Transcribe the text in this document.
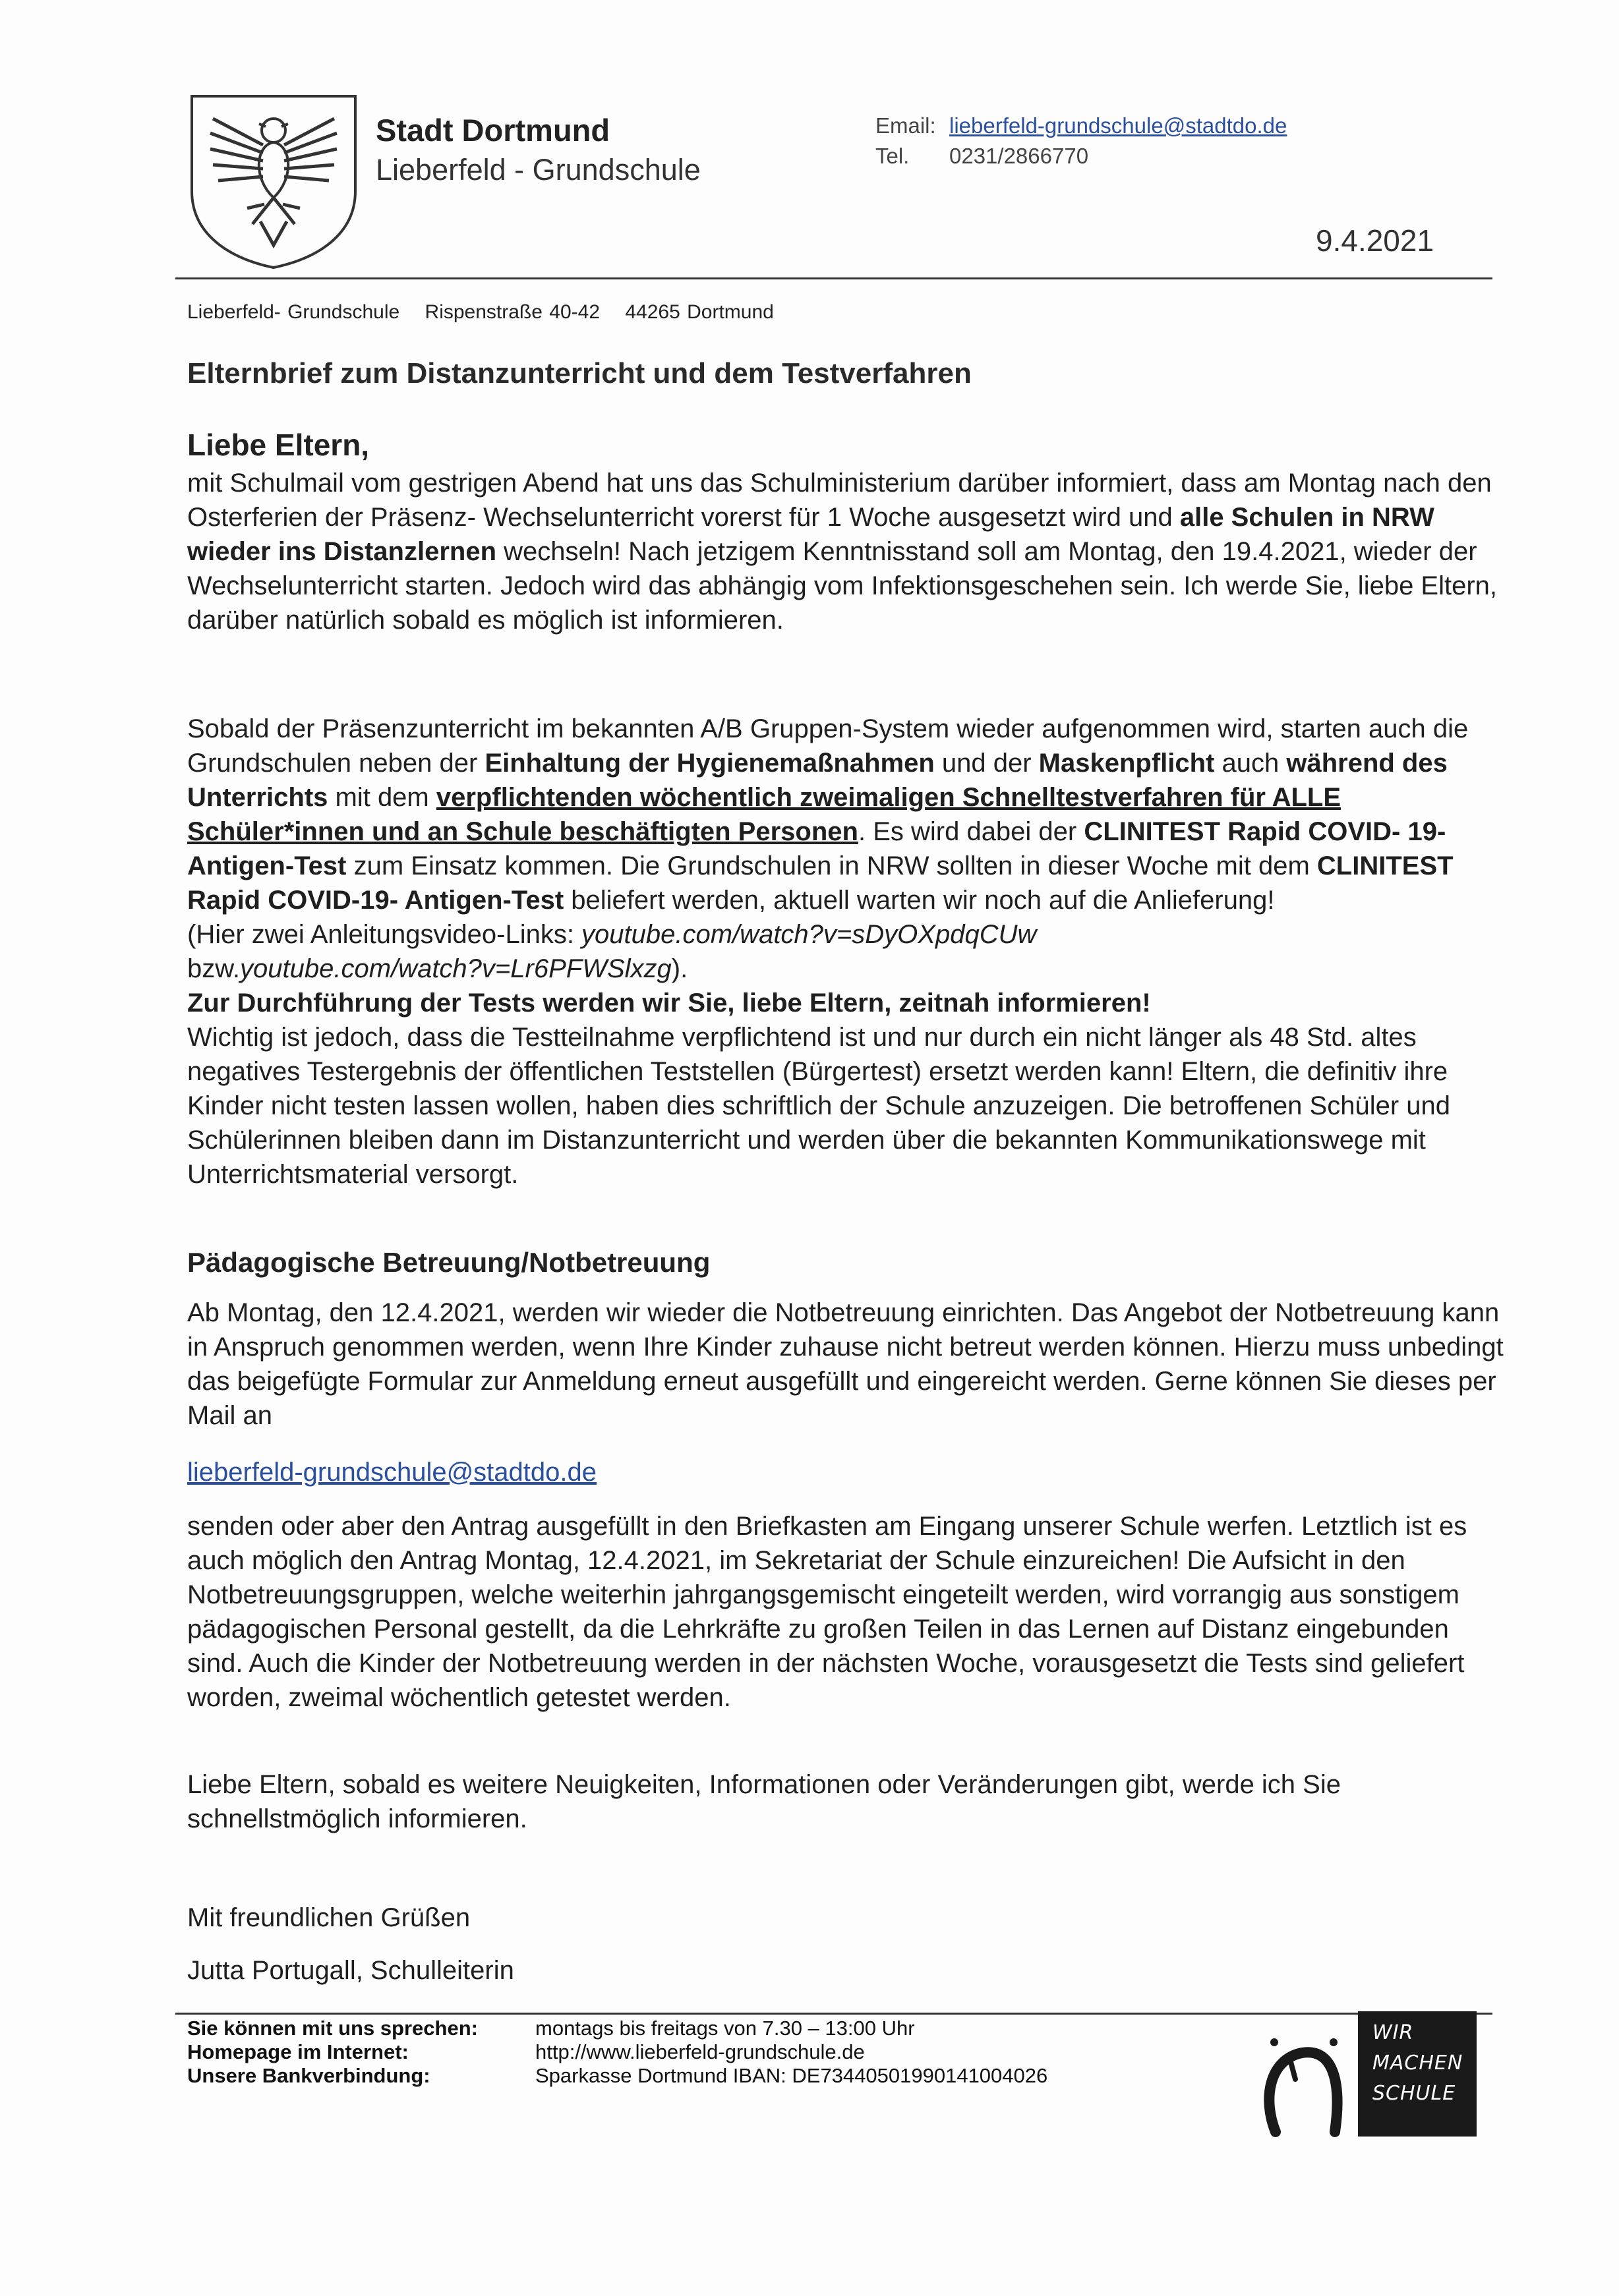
Stadt Dortmund
Lieberfeld - Grundschule
Email: lieberfeld-grundschule@stadtdo.de
Tel. 0231/2866770
9.4.2021
Lieberfeld- Grundschule Rispenstraße 40-42 44265 Dortmund
Elternbrief zum Distanzunterricht und dem Testverfahren
Liebe Eltern,

mit Schulmail vom gestrigen Abend hat uns das Schulministerium darüber informiert, dass am Montag nach den Osterferien der Präsenz- Wechselunterricht vorerst für 1 Woche ausgesetzt wird und alle Schulen in NRW wieder ins Distanzlernen wechseln! Nach jetzigem Kenntnisstand soll am Montag, den 19.4.2021, wieder der Wechselunterricht starten. Jedoch wird das abhängig vom Infektionsgeschehen sein. Ich werde Sie, liebe Eltern, darüber natürlich sobald es möglich ist informieren.

Sobald der Präsenzunterricht im bekannten A/B Gruppen-System wieder aufgenommen wird, starten auch die Grundschulen neben der Einhaltung der Hygienemaßnahmen und der Maskenpflicht auch während des Unterrichts mit dem verpflichtenden wöchentlich zweimaligen Schnelltestverfahren für ALLE Schüler*innen und an Schule beschäftigten Personen. Es wird dabei der CLINITEST Rapid COVID- 19- Antigen-Test zum Einsatz kommen. Die Grundschulen in NRW sollten in dieser Woche mit dem CLINITEST Rapid COVID-19- Antigen-Test beliefert werden, aktuell warten wir noch auf die Anlieferung!

(Hier zwei Anleitungsvideo-Links: youtube.com/watch?v=sDyOXpdqCUw

bzw.youtube.com/watch?v=Lr6PFWSlxzg).

Zur Durchführung der Tests werden wir Sie, liebe Eltern, zeitnah informieren!

Wichtig ist jedoch, dass die Testteilnahme verpflichtend ist und nur durch ein nicht länger als 48 Std. altes negatives Testergebnis der öffentlichen Teststellen (Bürgertest) ersetzt werden kann! Eltern, die definitiv ihre Kinder nicht testen lassen wollen, haben dies schriftlich der Schule anzuzeigen. Die betroffenen Schüler und Schülerinnen bleiben dann im Distanzunterricht und werden über die bekannten Kommunikationswege mit Unterrichtsmaterial versorgt.

Pädagogische Betreuung/Notbetreuung

Ab Montag, den 12.4.2021, werden wir wieder die Notbetreuung einrichten. Das Angebot der Notbetreuung kann in Anspruch genommen werden, wenn Ihre Kinder zuhause nicht betreut werden können. Hierzu muss unbedingt das beigefügte Formular zur Anmeldung erneut ausgefüllt und eingereicht werden. Gerne können Sie dieses per Mail an

lieberfeld-grundschule@stadtdo.de

senden oder aber den Antrag ausgefüllt in den Briefkasten am Eingang unserer Schule werfen. Letztlich ist es auch möglich den Antrag Montag, 12.4.2021, im Sekretariat der Schule einzureichen! Die Aufsicht in den Notbetreuungsgruppen, welche weiterhin jahrgangsgemischt eingeteilt werden, wird vorrangig aus sonstigem pädagogischen Personal gestellt, da die Lehrkräfte zu großen Teilen in das Lernen auf Distanz eingebunden sind. Auch die Kinder der Notbetreuung werden in der nächsten Woche, vorausgesetzt die Tests sind geliefert worden, zweimal wöchentlich getestet werden.

Liebe Eltern, sobald es weitere Neuigkeiten, Informationen oder Veränderungen gibt, werde ich Sie schnellstmöglich informieren.

Mit freundlichen Grüßen
Jutta Portugall, Schulleiterin
Sie können mit uns sprechen:
Homepage im Internet:
Unsere Bankverbindung:
montags bis freitags von 7.30 – 13:00 Uhr
http://www.lieberfeld-grundschule.de
Sparkasse Dortmund IBAN: DE73440501990141004026
WIR
MACHEN
SCHULE
